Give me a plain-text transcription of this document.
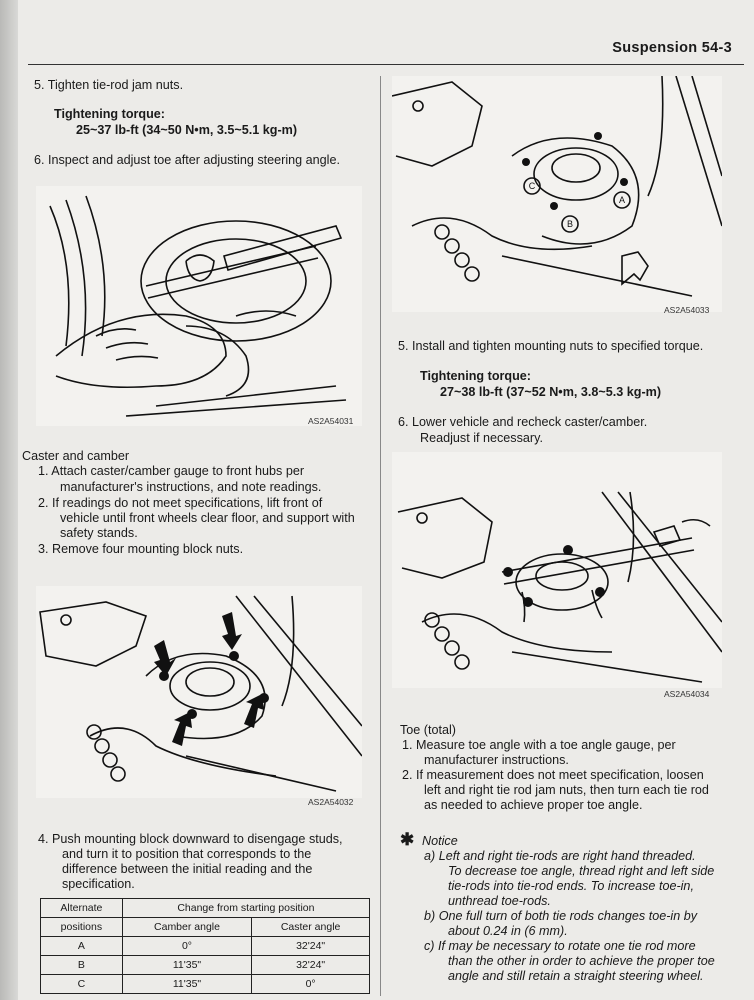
Suspension 54-3
5. Tighten tie-rod jam nuts.
Tightening torque:
25~37 lb-ft (34~50 N•m, 3.5~5.1 kg-m)
6. Inspect and adjust toe after adjusting steering angle.
AS2A54031
Caster and camber
1. Attach caster/camber gauge to front hubs per
manufacturer's instructions, and note readings.
2. If readings do not meet specifications, lift front of
vehicle until front wheels clear floor, and support with
safety stands.
3. Remove four mounting block nuts.
AS2A54032
4. Push mounting block downward to disengage studs,
and turn it to position that corresponds to the
difference between the initial reading and the
specification.
Alternate	Change from starting position	
positions	Camber angle	Caster angle
A	0°	32'24"
B	11'35"	32'24"
C	11'35"	0°
A
B
C
AS2A54033
5. Install and tighten mounting nuts to specified torque.
Tightening torque:
27~38 lb-ft (37~52 N•m, 3.8~5.3 kg-m)
6. Lower vehicle and recheck caster/camber.
Readjust if necessary.
AS2A54034
Toe (total)
1. Measure toe angle with a toe angle gauge, per
manufacturer instructions.
2. If measurement does not meet specification, loosen
left and right tie rod jam nuts, then turn each tie rod
as needed to achieve proper toe angle.
✱ Notice
a) Left and right tie-rods are right hand threaded.
To decrease toe angle, thread right and left side
tie-rods into tie-rod ends. To increase toe-in,
unthread toe-rods.
b) One full turn of both tie rods changes toe-in by
about 0.24 in (6 mm).
c) If may be necessary to rotate one tie rod more
than the other in order to achieve the proper toe
angle and still retain a straight steering wheel.
